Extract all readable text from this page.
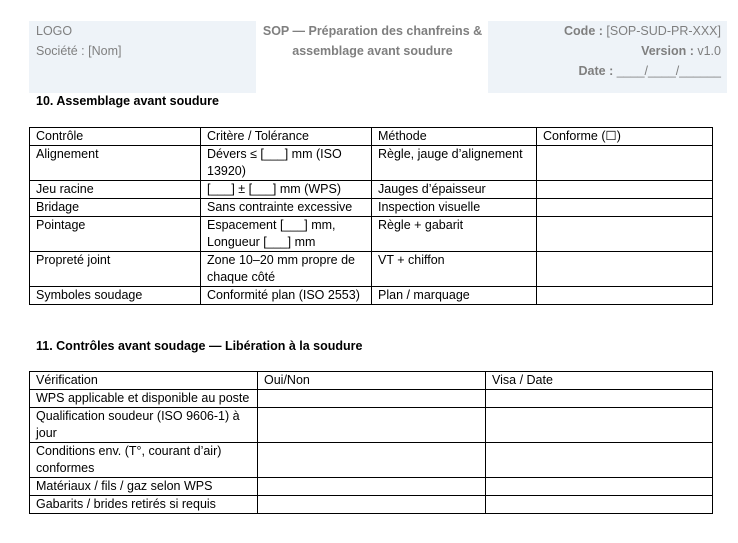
LOGO
Société : [Nom]
SOP — Préparation des chanfreins &
assemblage avant soudure
Code : [SOP-SUD-PR-XXX]
Version : v1.0
Date : ____/____/______
10. Assemblage avant soudure
Contrôle	Critère / Tolérance	Méthode	Conforme (☐)
Alignement	Dévers ≤ [___] mm (ISO 13920)	Règle, jauge d’alignement	
Jeu racine	[___] ± [___] mm (WPS)	Jauges d’épaisseur	
Bridage	Sans contrainte excessive	Inspection visuelle	
Pointage	Espacement [___] mm, Longueur [___] mm	Règle + gabarit	
Propreté joint	Zone 10–20 mm propre de chaque côté	VT + chiffon	
Symboles soudage	Conformité plan (ISO 2553)	Plan / marquage	
11. Contrôles avant soudage — Libération à la soudure
Vérification	Oui/Non	Visa / Date
WPS applicable et disponible au poste		
Qualification soudeur (ISO 9606-1) à jour		
Conditions env. (T°, courant d’air) conformes		
Matériaux / fils / gaz selon WPS		
Gabarits / brides retirés si requis		
